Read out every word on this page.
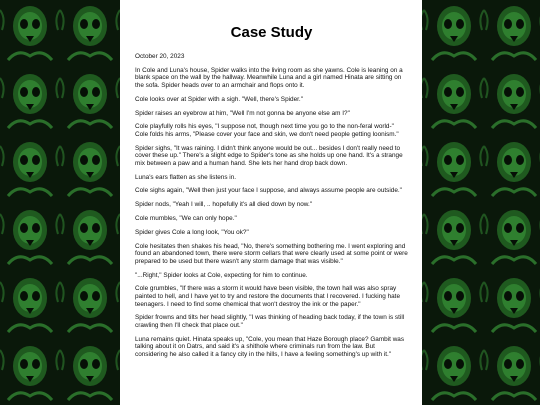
Case Study

October 20, 2023

In Cole and Luna's house, Spider walks into the living room as she yawns. Cole is leaning on a blank space on the wall by the hallway. Meanwhile Luna and a girl named Hinata are sitting on the sofa. Spider heads over to an armchair and flops onto it.

Cole looks over at Spider with a sigh. "Well, there's Spider."

Spider raises an eyebrow at him, "Well I'm not gonna be anyone else am I?"

Cole playfully rolls his eyes, "I suppose not, though next time you go to the non-feral world-" Cole folds his arms, "Please cover your face and skin, we don't need people getting loonism."

Spider sighs, "It was raining. I didn't think anyone would be out... besides I don't really need to cover these up." There's a slight edge to Spider's tone as she holds up one hand. It's a strange mix between a paw and a human hand. She lets her hand drop back down.

Luna's ears flatten as she listens in.

Cole sighs again, "Well then just your face I suppose, and always assume people are outside."

Spider nods, "Yeah I will, .. hopefully it's all died down by now."

Cole mumbles, "We can only hope."

Spider gives Cole a long look, "You ok?"

Cole hesitates then shakes his head, "No, there's something bothering me. I went exploring and found an abandoned town, there were storm cellars that were clearly used at some point or were prepared to be used but there wasn't any storm damage that was visible."

"...Right," Spider looks at Cole, expecting for him to continue.

Cole grumbles, "If there was a storm it would have been visible, the town hall was also spray painted to hell, and I have yet to try and restore the documents that I recovered. I fucking hate teenagers. I need to find some chemical that won't destroy the ink or the paper."

Spider frowns and tilts her head slightly, "I was thinking of heading back today, if the town is still crawling then I'll check that place out."

Luna remains quiet. Hinata speaks up, "Cole, you mean that Haze Borough place? Gambit was talking about it on Datrs, and said it's a shithole where criminals run from the law. But considering he also called it a fancy city in the hills, I have a feeling something's up with it."
